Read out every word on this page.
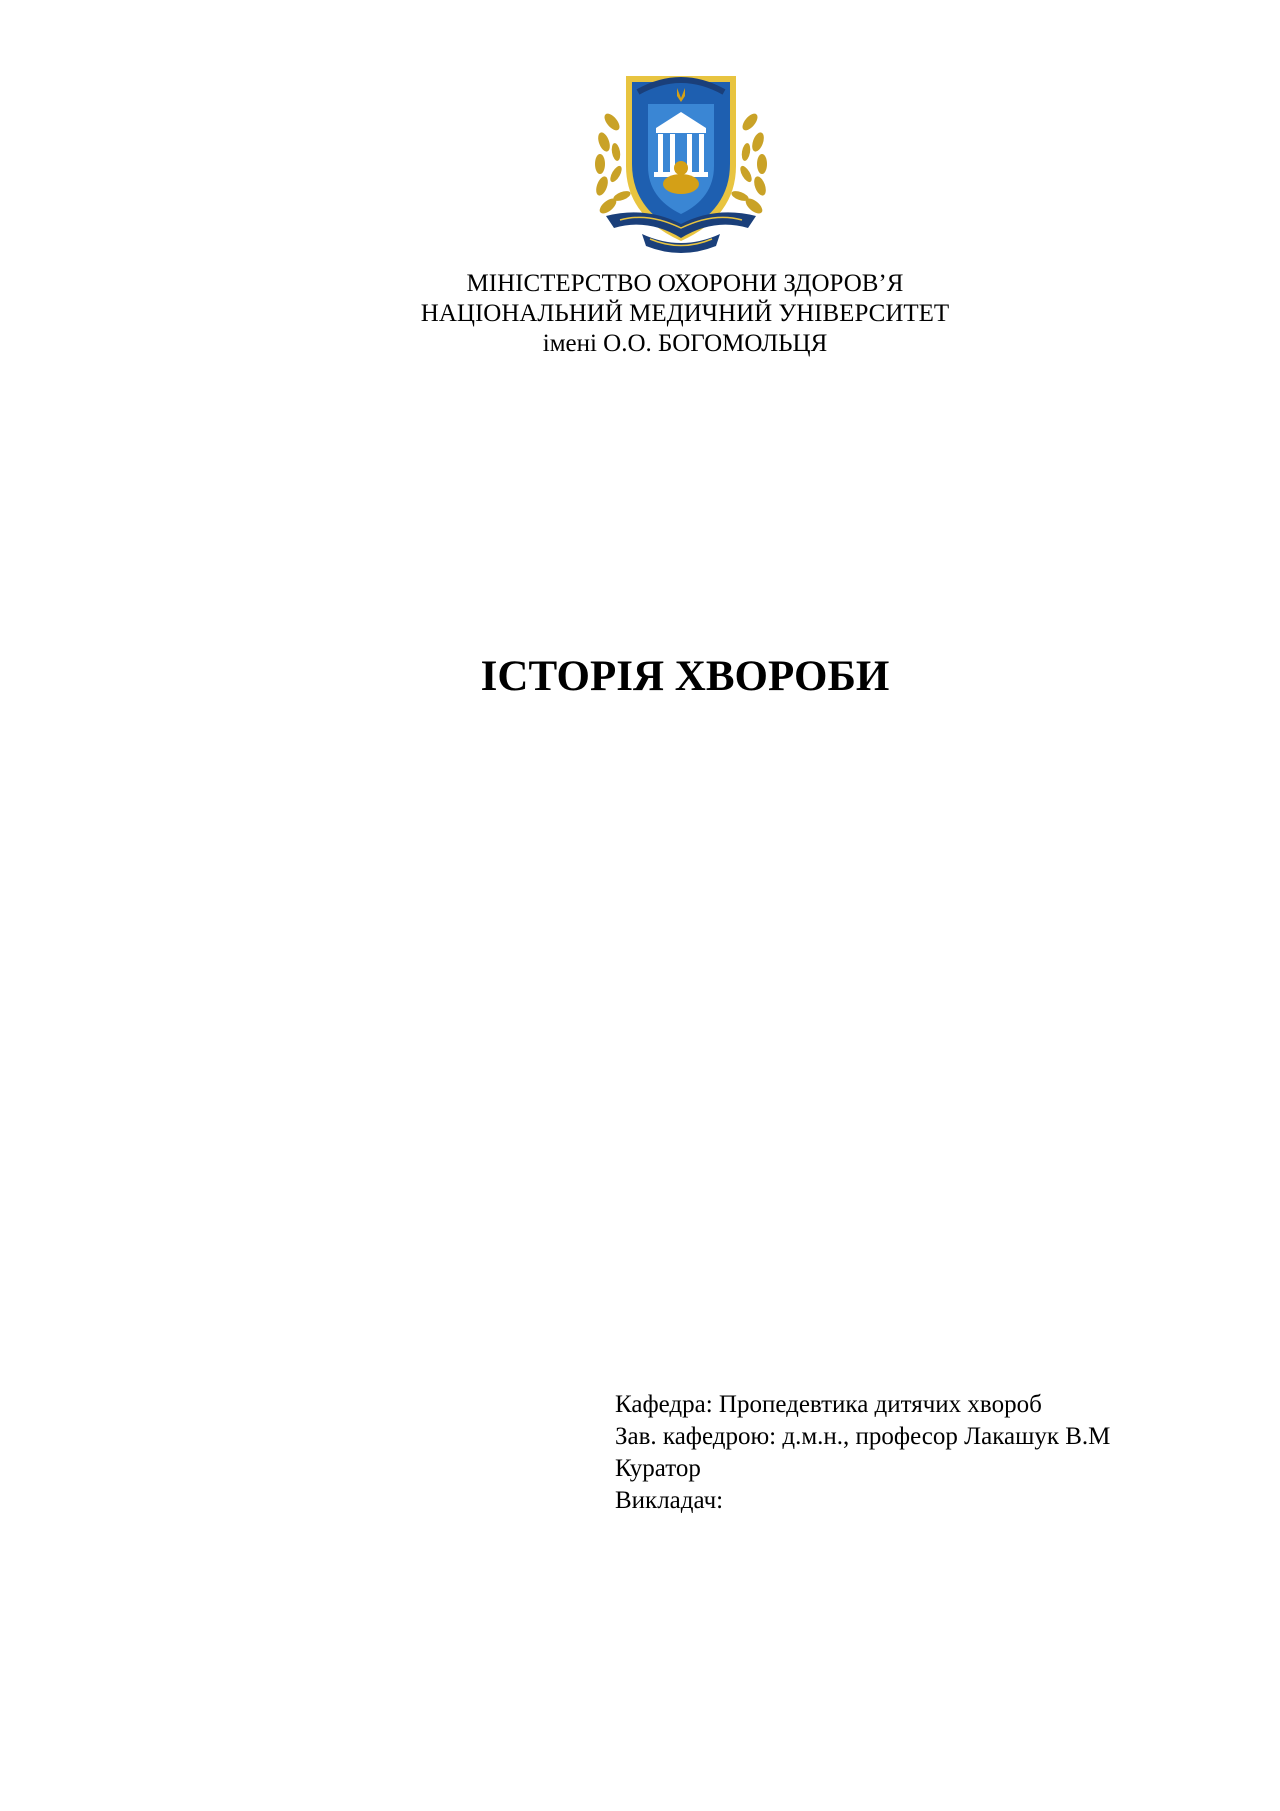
МІНІСТЕРСТВО ОХОРОНИ ЗДОРОВ’Я
НАЦІОНАЛЬНИЙ МЕДИЧНИЙ УНІВЕРСИТЕТ
імені О.О. БОГОМОЛЬЦЯ
ІСТОРІЯ ХВОРОБИ
Кафедра: Пропедевтика дитячих хвороб
Зав. кафедрою: д.м.н., професор Лакашук В.М
Куратор
Викладач:
